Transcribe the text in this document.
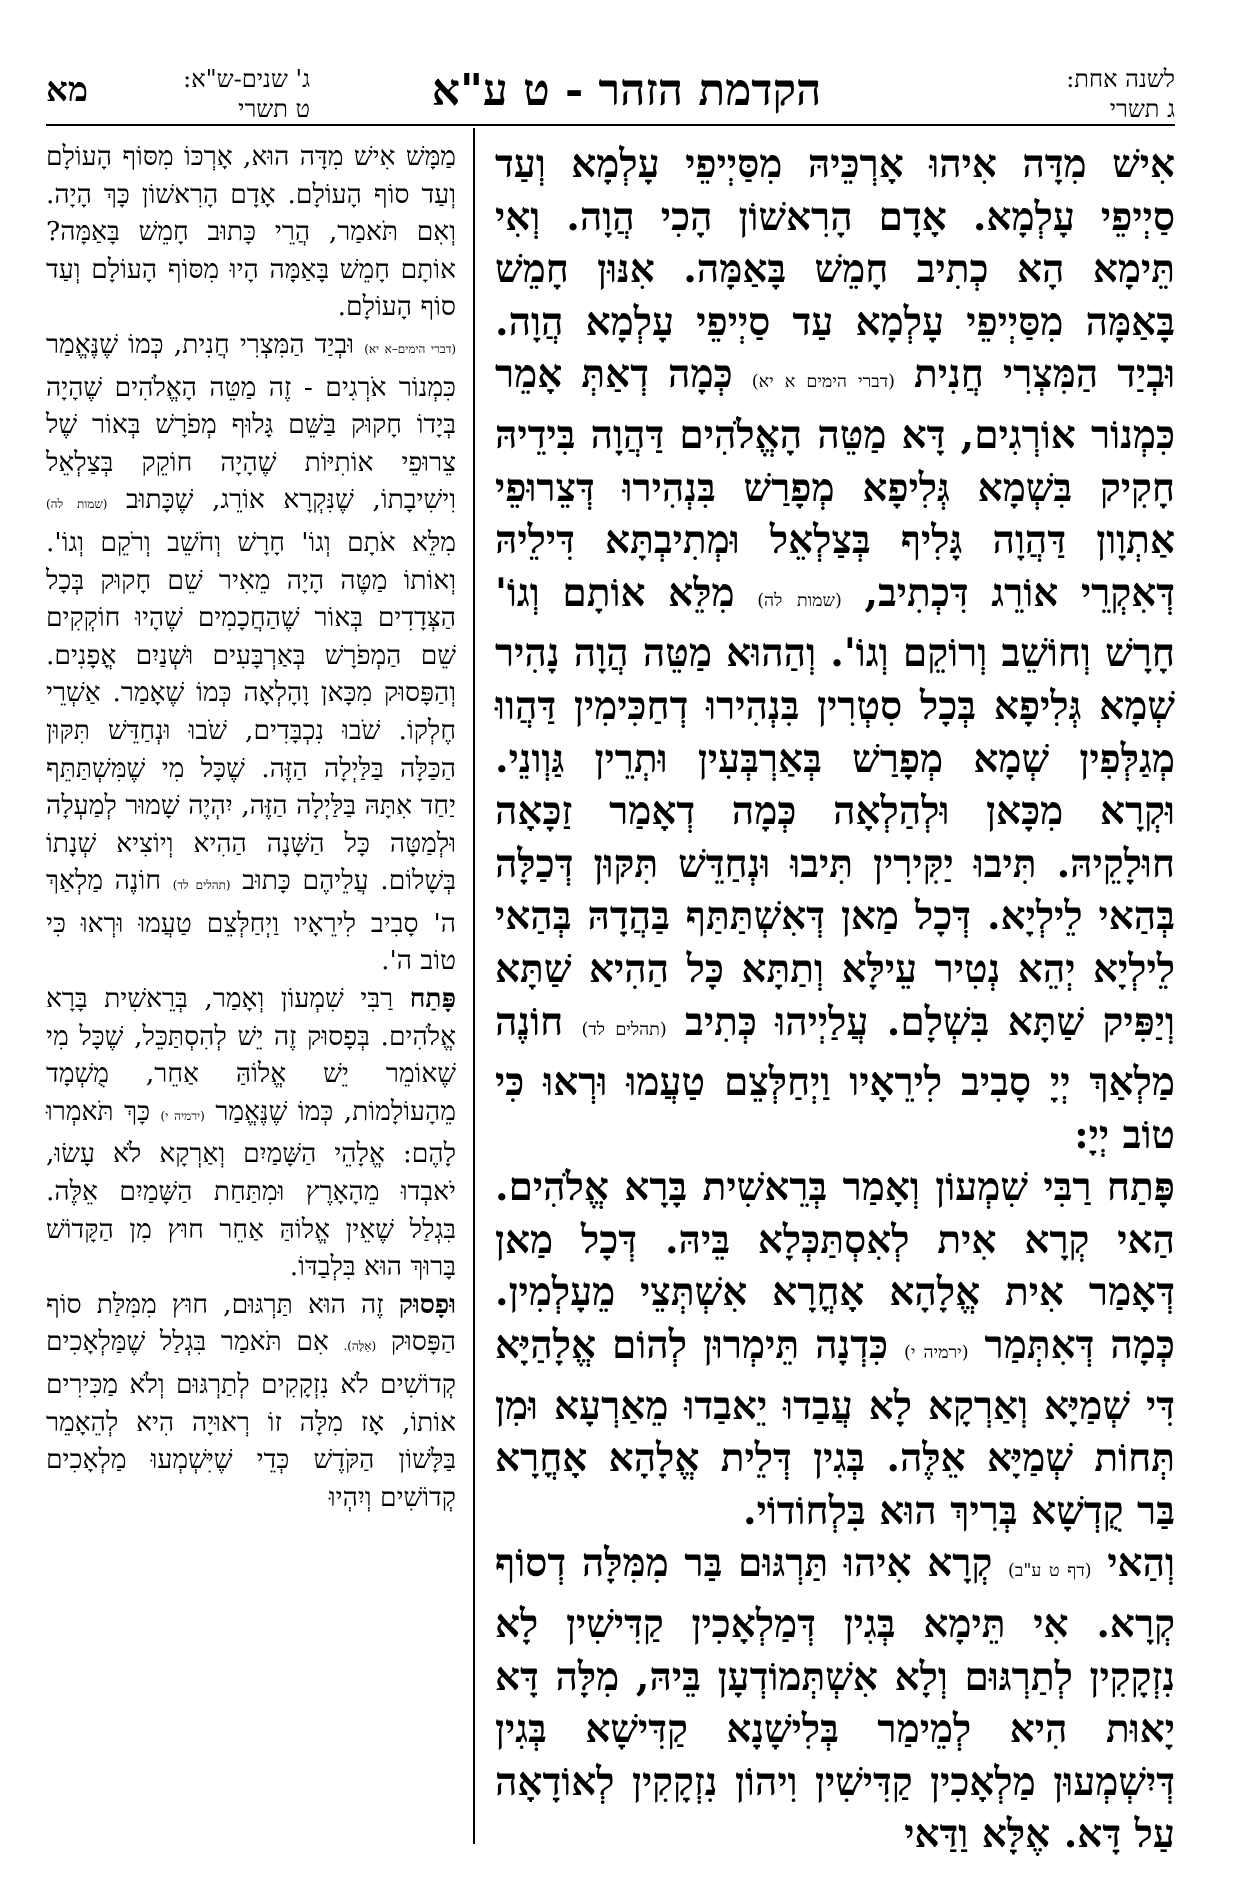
לשנה אחת:
ג תשרי
הקדמת הזהר - ט ע"א
ג' שנים-ש"א:
ט תשרי
מא

אִישׁ מִדָּה אִיהוּ אָרְכֵּיהּ מִסַּיְיפֵי עָלְמָא וְעַד סַיְיפֵי עָלְמָא. אָדָם הָרִאשׁוֹן הָכִי הֲוָה. וְאִי תֵּימָא הָא כְתִיב חָמֵשׁ בָּאַמָּה. אִנּוּן חָמֵשׁ בָּאַמָּה מִסַּיְיפֵי עָלְמָא עַד סַיְיפֵי עָלְמָא הֲוָה. וּבְיַד הַמִּצְרִי חֲנִית (דברי הימים א יא) כְּמָה דְאַתְּ אָמֵר כִּמְנוֹר אוֹרְגִים, דָּא מַטֵּה הָאֱלֹהִים דַּהֲוָה בִּידֵיהּ חָקִיק בִּשְׁמָא גְּלִיפָא מְפָרַשׁ בִּנְהִירוּ דְּצֵרוּפֵי אַתְוָון דַּהֲוָה גָּלִיף בְּצַלְאֵל וּמְתִיבְתָּא דִּילֵיהּ דְּאִקְרֵי אוֹרֵג דִּכְתִיב, (שמות לה) מִלֵּא אוֹתָם וְגוֹ' חָרָשׁ וְחוֹשֵׁב וְרוֹקֵם וְגוֹ'. וְהַהוּא מַטֵּה הֲוָה נָהִיר שְׁמָא גְּלִיפָא בְּכָל סִטְרִין בִּנְהִירוּ דְחַכִּימִין דַּהֲווּ מְגַלְּפִין שְׁמָא מְפָרַשׁ בְּאַרְבְּעִין וּתְרֵין גַּוְונֵי. וּקְרָא מִכָּאן וּלְהַלְאָה כְּמָה דְאָמַר זַכָּאָה חוּלָקֵיהּ. תִּיבוּ יַקִּירִין תִּיבוּ וּנְחַדֵּשׁ תִּקּוּן דְּכַלָּה בְּהַאי לֵילְיָא. דְּכָל מַאן דְּאִשְׁתַּתַּף בַּהֲדָהּ בְּהַאי לֵילְיָא יְהֵא נְטִיר עֵילָּא וְתַתָּא כָּל הַהִיא שַׁתָּא וְיַפִּיק שַׁתָּא בִּשְׁלָם. עֲלַיְיהוּ כְּתִיב (תהלים לד) חוֹנֶה מַלְאַךְ יְיָ סָבִיב לִירֵאָיו וַיְחַלְּצֵם טַעֲמוּ וּרְאוּ כִּי טוֹב יְיָ:

פָּתַח רַבִּי שִׁמְעוֹן וְאָמַר בְּרֵאשִׁית בָּרָא אֱלֹהִים. הַאי קְרָא אִית לְאִסְתַּכְּלָא בֵּיהּ. דְּכָל מַאן דְּאָמַר אִית אֱלָהָא אָחֳרָא אִשְׁתְּצֵי מֵעָלְמִין. כְּמָה דְּאִתְּמַר (ירמיה י) כִּדְנָה תֵּימְרוּן לְהוֹם אֱלָהַיָּא דִּי שְׁמַיָּא וְאַרְקָא לָא עֲבַדוּ יֵאבַדוּ מֵאַרְעָא וּמִן תְּחוֹת שְׁמַיָּא אֵלֶּה. בְּגִין דְּלֵית אֱלָהָא אָחֳרָא בַּר קֻדְשָׁא בְּרִיךְ הוּא בִּלְחוֹדוֹי.

וְהַאי (דף ט ע"ב) קְרָא אִיהוּ תַּרְגּוּם בַּר מִמִּלָּה דְסוֹף קְרָא. אִי תֵּימָא בְּגִין דְּמַלְאָכִין קַדִּישִׁין לָא נִזְקָקִין לְתַרְגּוּם וְלָא אִשְׁתְּמוֹדְעָן בֵּיהּ, מִלָּה דָּא יָאוּת הִיא לְמֵימַר בְּלִישָׁנָא קַדִּישָׁא בְּגִין דְּיִשְׁמְעוּן מַלְאָכִין קַדִּישִׁין וִיהוֹן נִזְקָקִין לְאוֹדָאָה עַל דָּא. אֶלָּא וַדַּאי

מַמָּשׁ אִישׁ מִדָּה הוּא, אָרְכּוֹ מִסּוֹף הָעוֹלָם וְעַד סוֹף הָעוֹלָם. אָדָם הָרִאשׁוֹן כָּךְ הָיָה. וְאִם תֹּאמַר, הֲרֵי כָּתוּב חָמֵשׁ בָּאַמָּה? אוֹתָם חָמֵשׁ בָּאַמָּה הָיוּ מִסּוֹף הָעוֹלָם וְעַד סוֹף הָעוֹלָם.

(דברי הימים–א יא) וּבְיַד הַמִּצְרִי חֲנִית, כְּמוֹ שֶׁנֶּאֱמַר כִּמְנוֹר אֹרְגִים - זֶה מַטֵּה הָאֱלֹהִים שֶׁהָיָה בְּיָדוֹ חָקוּק בַּשֵּׁם גָּלוּף מְפֹרָשׁ בְּאוֹר שֶׁל צֵרוּפֵי אוֹתִיּוֹת שֶׁהָיָה חוֹקֵק בְּצַלְאֵל וִישִׁיבָתוֹ, שֶׁנִּקְרָא אוֹרֵג, שֶׁכָּתוּב (שמות לה) מִלֵּא אֹתָם וְגוֹ' חָרָשׁ וְחֹשֵׁב וְרֹקֵם וְגוֹ'. וְאוֹתוֹ מַטֶּה הָיָה מֵאִיר שֵׁם חָקוּק בְּכָל הַצְּדָדִים בְּאוֹר שֶׁהַחֲכָמִים שֶׁהָיוּ חוֹקְקִים שֵׁם הַמְפֹרָשׁ בְּאַרְבָּעִים וּשְׁנַיִם אֳפָנִים. וְהַפָּסוּק מִכָּאן וָהָלְאָה כְּמוֹ שֶׁאָמַר. אַשְׁרֵי חֶלְקוֹ. שֹׁבוּ נִכְבָּדִים, שֹׁבוּ וּנְחַדֵּשׁ תִּקּוּן הַכַּלָּה בַּלַּיְלָה הַזֶּה. שֶׁכָּל מִי שֶׁמִּשְׁתַּתֵּף יַחַד אִתָּהּ בַּלַּיְלָה הַזֶּה, יִהְיֶה שָׁמוּר לְמַעְלָה וּלְמַטָּה כָּל הַשָּׁנָה הַהִיא וְיוֹצִיא שְׁנָתוֹ בְּשָׁלוֹם. עֲלֵיהֶם כָּתוּב (תהלים לד) חוֹנֶה מַלְאַךְ ה' סָבִיב לִירֵאָיו וַיְחַלְּצֵם טַעֲמוּ וּרְאוּ כִּי טוֹב ה'.

פָּתַח רַבִּי שִׁמְעוֹן וְאָמַר, בְּרֵאשִׁית בָּרָא אֱלֹהִים. בְּפָסוּק זֶה יֵשׁ לְהִסְתַּכֵּל, שֶׁכָּל מִי שֶׁאוֹמֵר יֵשׁ אֱלוֹהַּ אַחֵר, מֻשְׁמָד מֵהָעוֹלָמוֹת, כְּמוֹ שֶׁנֶּאֱמַר (ירמיה י) כָּךְ תֹּאמְרוּ לָהֶם: אֱלָהֵי הַשָּׁמַיִם וְאַרְקָא לֹא עָשׂוּ, יֹאבְדוּ מֵהָאָרֶץ וּמִתַּחַת הַשָּׁמַיִם אֵלֶּה. בִּגְלַל שֶׁאֵין אֱלוֹהַּ אַחֵר חוּץ מִן הַקָּדוֹשׁ בָּרוּךְ הוּא בִּלְבַדּוֹ.

וּפָסוּק זֶה הוּא תַּרְגּוּם, חוּץ מִמִּלַּת סוֹף הַפָּסוּק (אֵלֶּה). אִם תֹּאמַר בִּגְלַל שֶׁמַּלְאָכִים קְדוֹשִׁים לֹא נִזְקָקִים לְתַרְגּוּם וְלֹא מַכִּירִים אוֹתוֹ, אָז מִלָּה זוֹ רְאוּיָה הִיא לְהֵאָמֵר בַּלָּשׁוֹן הַקֹּדֶשׁ כְּדֵי שֶׁיִּשְׁמְעוּ מַלְאָכִים קְדוֹשִׁים וְיִהְיוּ
